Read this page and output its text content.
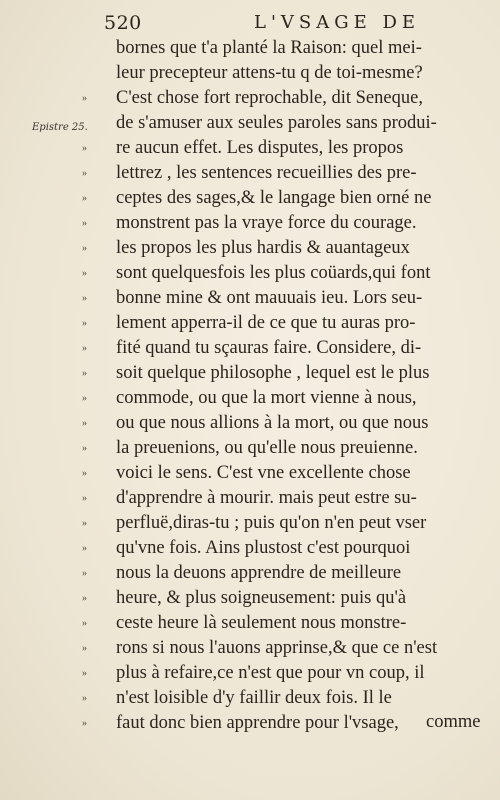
520	L'VSAGE DE
Epistre 25.
bornes que t'a planté la Raison: quel mei-
leur precepteur attens-tu q de toi-mesme?
» C'est chose fort reprochable, dit Seneque,
de s'amuser aux seules paroles sans produi-
» re aucun effet. Les disputes, les propos
» lettrez , les sentences recueillies des pre-
» ceptes des sages,& le langage bien orné ne
» monstrent pas la vraye force du courage.
» les propos les plus hardis & auantageux
» sont quelquesfois les plus coüards,qui font
» bonne mine & ont mauuais ieu. Lors seu-
» lement apperra-il de ce que tu auras pro-
» fité quand tu sçauras faire. Considere, di-
» soit quelque philosophe , lequel est le plus
» commode, ou que la mort vienne à nous,
» ou que nous allions à la mort, ou que nous
» la preuenions, ou qu'elle nous preuienne.
» voici le sens. C'est vne excellente chose
» d'apprendre à mourir. mais peut estre su-
» perfluë,diras-tu ; puis qu'on n'en peut vser
» qu'vne fois. Ains plustost c'est pourquoi
» nous la deuons apprendre de meilleure
» heure, & plus soigneusement: puis qu'à
» ceste heure là seulement nous monstre-
» rons si nous l'auons apprinse,& que ce n'est
» plus à refaire,ce n'est que pour vn coup, il
» n'est loisible d'y faillir deux fois. Il le
» faut donc bien apprendre pour l'vsage, comme
